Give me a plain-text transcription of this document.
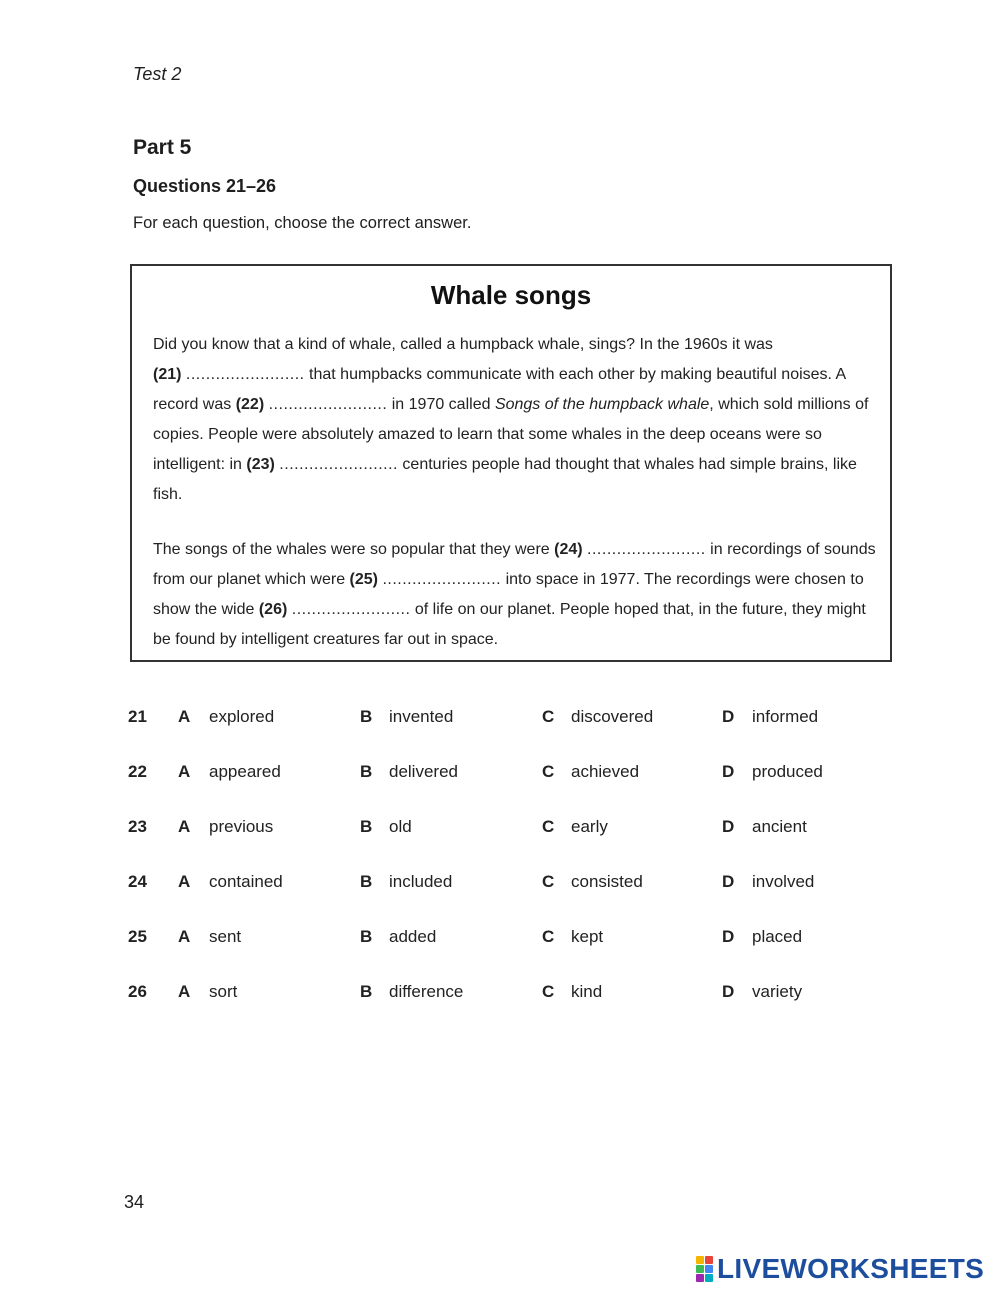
Test 2
Part 5
Questions 21–26
For each question, choose the correct answer.
Whale songs

Did you know that a kind of whale, called a humpback whale, sings? In the 1960s it was
(21) ........................ that humpbacks communicate with each other by making beautiful noises. A record was (22) ........................ in 1970 called Songs of the humpback whale, which sold millions of copies. People were absolutely amazed to learn that some whales in the deep oceans were so intelligent: in (23) ........................ centuries people had thought that whales had simple brains, like fish.

The songs of the whales were so popular that they were (24) ........................ in recordings of sounds from our planet which were (25) ........................ into space in 1977. The recordings were chosen to show the wide (26) ........................ of life on our planet. People hoped that, in the future, they might be found by intelligent creatures far out in space.

21 A explored	B invented	C discovered	D informed
22 A appeared	B delivered	C achieved	D produced
23 A previous	B old	C early	D ancient
24 A contained	B included	C consisted	D involved
25 A sent	B added	C kept	D placed
26 A sort	B difference	C kind	D variety
34
LIVEWORKSHEETS
